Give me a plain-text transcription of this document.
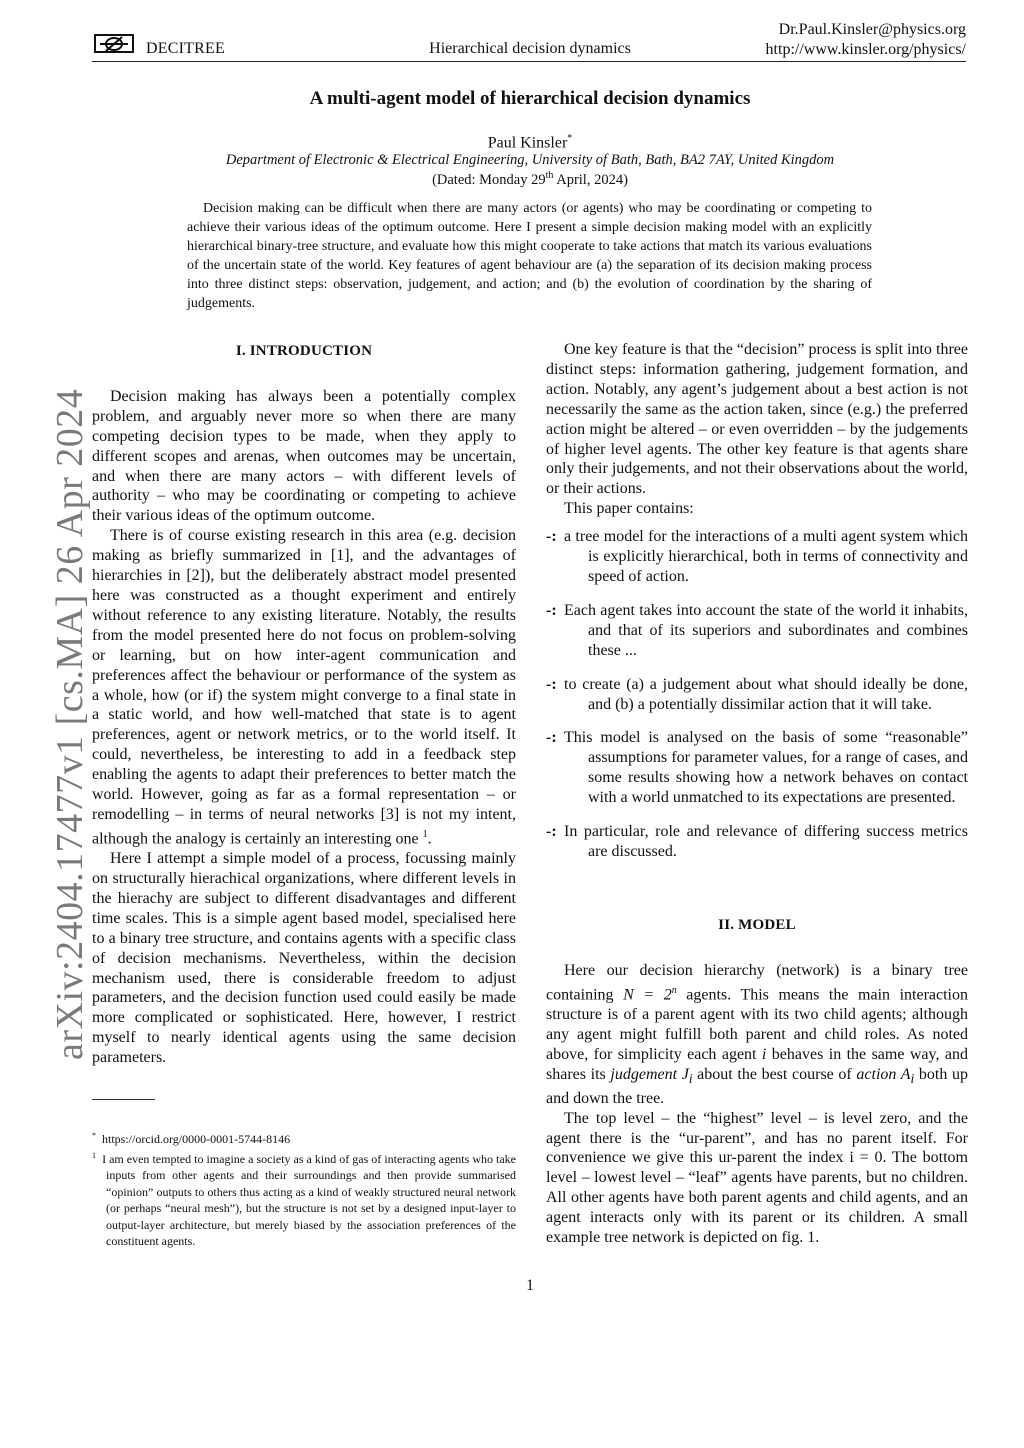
DECITREE	Hierarchical decision dynamics
Dr.Paul.Kinsler@physics.org
http://www.kinsler.org/physics/
A multi-agent model of hierarchical decision dynamics
Paul Kinsler*
Department of Electronic & Electrical Engineering, University of Bath, Bath, BA2 7AY, United Kingdom
(Dated: Monday 29th April, 2024)

Decision making can be difficult when there are many actors (or agents) who may be coordinating or competing to achieve their various ideas of the optimum outcome. Here I present a simple decision making model with an explicitly hierarchical binary-tree structure, and evaluate how this might cooperate to take actions that match its various evaluations of the uncertain state of the world. Key features of agent behaviour are (a) the separation of its decision making process into three distinct steps: observation, judgement, and action; and (b) the evolution of coordination by the sharing of judgements.

arXiv:2404.17477v1 [cs.MA] 26 Apr 2024
I. INTRODUCTION

Decision making has always been a potentially complex problem, and arguably never more so when there are many competing decision types to be made, when they apply to different scopes and arenas, when outcomes may be uncertain, and when there are many actors – with different levels of authority – who may be coordinating or competing to achieve their various ideas of the optimum outcome.

There is of course existing research in this area (e.g. decision making as briefly summarized in [1], and the advantages of hierarchies in [2]), but the deliberately abstract model presented here was constructed as a thought experiment and entirely without reference to any existing literature. Notably, the results from the model presented here do not focus on problem-solving or learning, but on how inter-agent communication and preferences affect the behaviour or performance of the system as a whole, how (or if) the system might converge to a final state in a static world, and how well-matched that state is to agent preferences, agent or network metrics, or to the world itself. It could, nevertheless, be interesting to add in a feedback step enabling the agents to adapt their preferences to better match the world. However, going as far as a formal representation – or remodelling – in terms of neural networks [3] is not my intent, although the analogy is certainly an interesting one $^1$.

Here I attempt a simple model of a process, focussing mainly on structurally hierachical organizations, where different levels in the hierachy are subject to different disadvantages and different time scales. This is a simple agent based model, specialised here to a binary tree structure, and contains agents with a specific class of decision mechanisms. Nevertheless, within the decision mechanism used, there is considerable freedom to adjust parameters, and the decision function used could easily be made more complicated or sophisticated. Here, however, I restrict myself to nearly identical agents using the same decision parameters.

* https://orcid.org/0000-0001-5744-8146

$^1$ I am even tempted to imagine a society as a kind of gas of interacting agents who take inputs from other agents and their surroundings and then provide summarised “opinion” outputs to others thus acting as a kind of weakly structured neural network (or perhaps “neural mesh”), but the structure is not set by a designed input-layer to output-layer architecture, but merely biased by the association preferences of the constituent agents.

One key feature is that the “decision” process is split into three distinct steps: information gathering, judgement formation, and action. Notably, any agent’s judgement about a best action is not necessarily the same as the action taken, since (e.g.) the preferred action might be altered – or even overridden – by the judgements of higher level agents. The other key feature is that agents share only their judgements, and not their observations about the world, or their actions.

This paper contains:

-: a tree model for the interactions of a multi agent system which is explicitly hierarchical, both in terms of connectivity and speed of action.
-: Each agent takes into account the state of the world it inhabits, and that of its superiors and subordinates and combines these ...
-: to create (a) a judgement about what should ideally be done, and (b) a potentially dissimilar action that it will take.
-: This model is analysed on the basis of some “reasonable” assumptions for parameter values, for a range of cases, and some results showing how a network behaves on contact with a world unmatched to its expectations are presented.
-: In particular, role and relevance of differing success metrics are discussed.
II. MODEL

Here our decision hierarchy (network) is a binary tree containing $N = 2^n$ agents. This means the main interaction structure is of a parent agent with its two child agents; although any agent might fulfill both parent and child roles. As noted above, for simplicity each agent i behaves in the same way, and shares its judgement $J_i$ about the best course of action $A_i$ both up and down the tree.

The top level – the “highest” level – is level zero, and the agent there is the “ur-parent”, and has no parent itself. For convenience we give this ur-parent the index i = 0. The bottom level – lowest level – “leaf” agents have parents, but no children. All other agents have both parent agents and child agents, and an agent interacts only with its parent or its children. A small example tree network is depicted on fig. 1.

1
